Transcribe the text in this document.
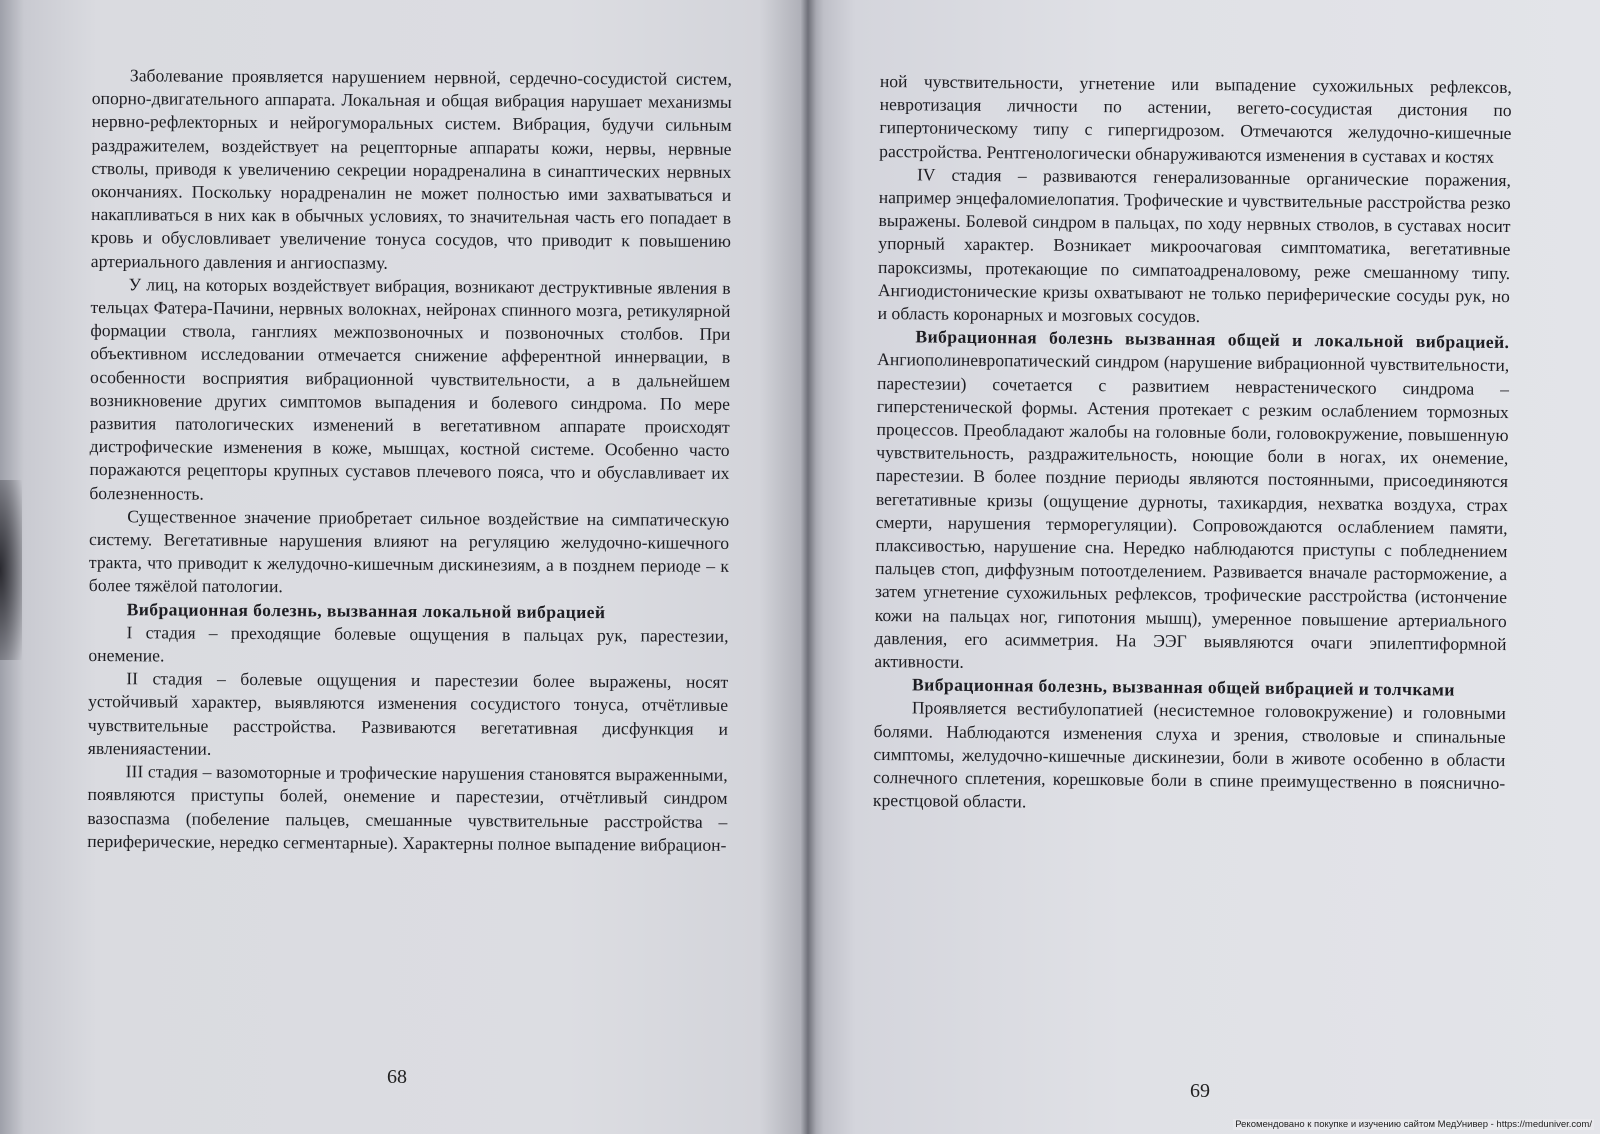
Заболевание проявляется нарушением нервной, сердечно-сосудистой систем, опорно-двигательного аппарата. Локальная и общая вибрация нарушает механизмы нервно-рефлекторных и нейрогуморальных систем. Вибрация, будучи сильным раздражителем, воздействует на рецепторные аппараты кожи, нервы, нервные стволы, приводя к увеличению секреции норадреналина в синаптических нервных окончаниях. Поскольку норадреналин не может полностью ими захватываться и накапливаться в них как в обычных условиях, то значительная часть его попадает в кровь и обусловливает увеличение тонуса сосудов, что приводит к повышению артериального давления и ангиоспазму.

У лиц, на которых воздействует вибрация, возникают деструктивные явления в тельцах Фатера-Пачини, нервных волокнах, нейронах спинного мозга, ретикулярной формации ствола, ганглиях межпозвоночных и позвоночных столбов. При объективном исследовании отмечается снижение афферентной иннервации, в особенности восприятия вибрационной чувствительности, а в дальнейшем возникновение других симптомов выпадения и болевого синдрома. По мере развития патологических изменений в вегетативном аппарате происходят дистрофические изменения в коже, мышцах, костной системе. Особенно часто поражаются рецепторы крупных суставов плечевого пояса, что и обуславливает их болезненность.

Существенное значение приобретает сильное воздействие на симпатическую систему. Вегетативные нарушения влияют на регуляцию желудочно-кишечного тракта, что приводит к желудочно-кишечным дискинезиям, а в позднем периоде – к более тяжёлой патологии.

Вибрационная болезнь, вызванная локальной вибрацией

I стадия – преходящие болевые ощущения в пальцах рук, парестезии, онемение.

II стадия – болевые ощущения и парестезии более выражены, носят устойчивый характер, выявляются изменения сосудистого тонуса, отчётливые чувствительные расстройства. Развиваются вегетативная дисфункция и явленияастении.

III стадия – вазомоторные и трофические нарушения становятся выраженными, появляются приступы болей, онемение и парестезии, отчётливый синдром вазоспазма (побеление пальцев, смешанные чувствительные расстройства – периферические, нередко сегментарные). Характерны полное выпадение вибрацион-

68

ной чувствительности, угнетение или выпадение сухожильных рефлексов, невротизация личности по астении, вегето-сосудистая дистония по гипертоническому типу с гипергидрозом. Отмечаются желудочно-кишечные расстройства. Рентгенологически обнаруживаются изменения в суставах и костях

IV стадия – развиваются генерализованные органические поражения, например энцефаломиелопатия. Трофические и чувствительные расстройства резко выражены. Болевой синдром в пальцах, по ходу нервных стволов, в суставах носит упорный характер. Возникает микроочаговая симптоматика, вегетативные пароксизмы, протекающие по симпатоадреналовому, реже смешанному типу. Ангиодистонические кризы охватывают не только периферические сосуды рук, но и область коронарных и мозговых сосудов.

Вибрационная болезнь вызванная общей и локальной вибрацией. Ангиополиневропатический синдром (нарушение вибрационной чувствительности, парестезии) сочетается с развитием неврастенического синдрома – гиперстенической формы. Астения протекает с резким ослаблением тормозных процессов. Преобладают жалобы на головные боли, головокружение, повышенную чувствительность, раздражительность, ноющие боли в ногах, их онемение, парестезии. В более поздние периоды являются постоянными, присоединяются вегетативные кризы (ощущение дурноты, тахикардия, нехватка воздуха, страх смерти, нарушения терморегуляции). Сопровождаются ослаблением памяти, плаксивостью, нарушение сна. Нередко наблюдаются приступы с побледнением пальцев стоп, диффузным потоотделением. Развивается вначале расторможение, а затем угнетение сухожильных рефлексов, трофические расстройства (истончение кожи на пальцах ног, гипотония мышц), умеренное повышение артериального давления, его асимметрия. На ЭЭГ выявляются очаги эпилептиформной активности.

Вибрационная болезнь, вызванная общей вибрацией и толчками

Проявляется вестибулопатией (несистемное головокружение) и головными болями. Наблюдаются изменения слуха и зрения, стволовые и спинальные симптомы, желудочно-кишечные дискинезии, боли в животе особенно в области солнечного сплетения, корешковые боли в спине преимущественно в пояснично-крестцовой области.

69
Рекомендовано к покупке и изучению сайтом МедУнивер - https://meduniver.com/
